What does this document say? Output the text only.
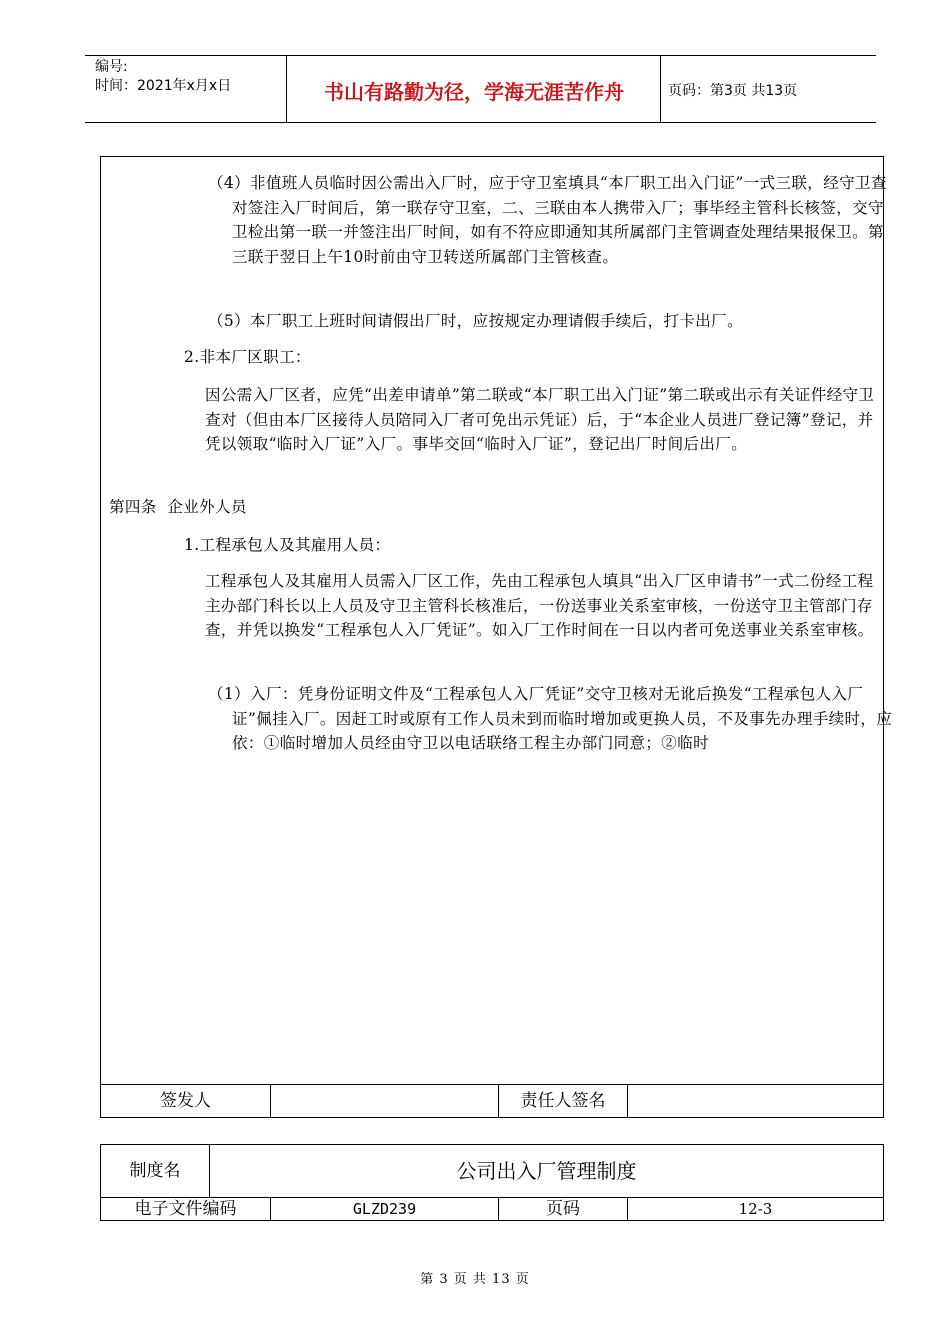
编号:
时间：2021年x月x日	书山有路勤为径，学海无涯苦作舟	页码：第3页 共13页
（4）非值班人员临时因公需出入厂时，应于守卫室填具“本厂职工出入门证”一式三联，经守卫查对签注入厂时间后，第一联存守卫室，二、三联由本人携带入厂；事毕经主管科长核签，交守卫检出第一联一并签注出厂时间，如有不符应即通知其所属部门主管调查处理结果报保卫。第三联于翌日上午10时前由守卫转送所属部门主管核查。
（5）本厂职工上班时间请假出厂时，应按规定办理请假手续后，打卡出厂。
2.非本厂区职工：
因公需入厂区者，应凭“出差申请单”第二联或“本厂职工出入门证”第二联或出示有关证件经守卫查对（但由本厂区接待人员陪同入厂者可免出示凭证）后，于“本企业人员进厂登记簿”登记，并凭以领取“临时入厂证”入厂。事毕交回“临时入厂证”，登记出厂时间后出厂。
第四条  企业外人员
1.工程承包人及其雇用人员：
工程承包人及其雇用人员需入厂区工作，先由工程承包人填具“出入厂区申请书”一式二份经工程主办部门科长以上人员及守卫主管科长核准后，一份送事业关系室审核，一份送守卫主管部门存查，并凭以换发“工程承包人入厂凭证”。如入厂工作时间在一日以内者可免送事业关系室审核。
（1）入厂：凭身份证明文件及“工程承包人入厂凭证”交守卫核对无讹后换发“工程承包人入厂证”佩挂入厂。因赶工时或原有工作人员未到而临时增加或更换人员，不及事先办理手续时，应依：①临时增加人员经由守卫以电话联络工程主办部门同意；②临时
签发人	责任人签名
制度名	公司出入厂管理制度
电子文件编码	GLZD239	页码	12-3
第 3 页 共 13 页
